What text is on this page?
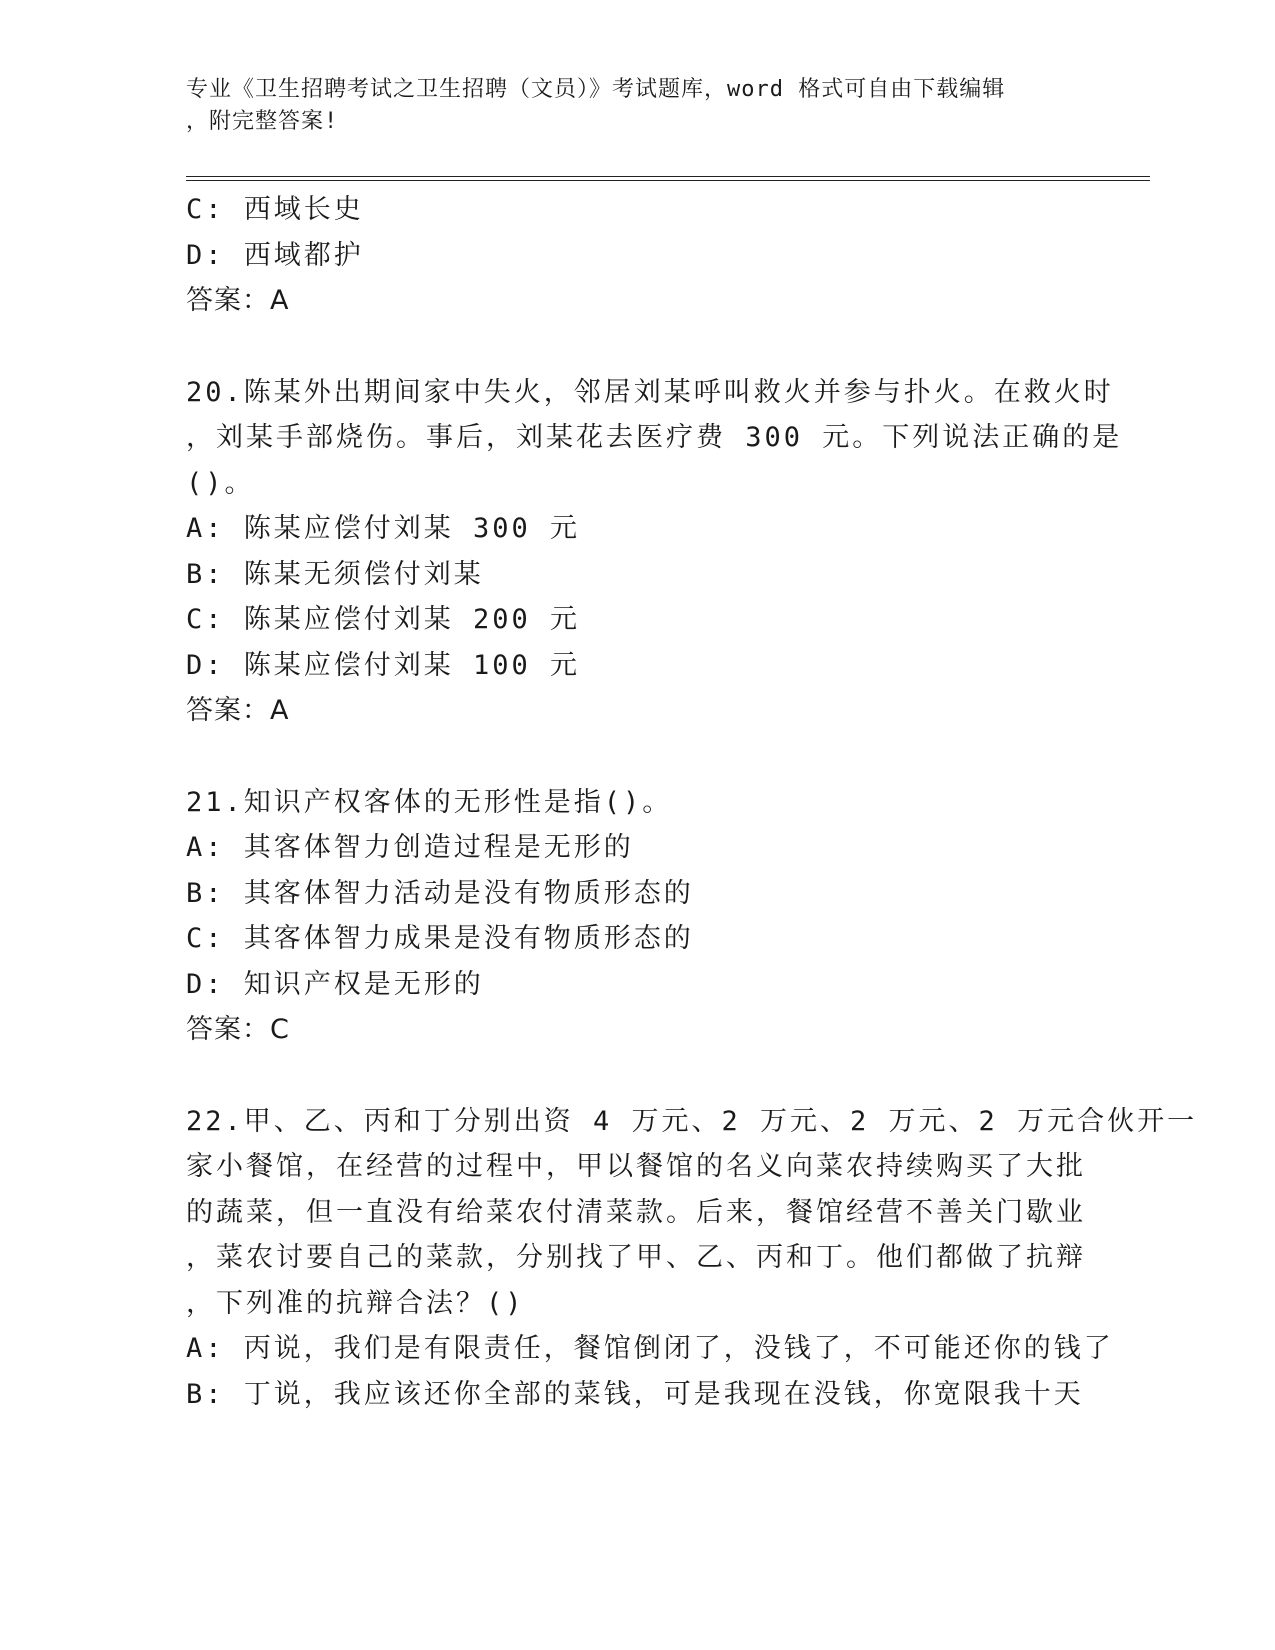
专业《卫生招聘考试之卫生招聘（文员）》考试题库，word 格式可自由下载编辑
，附完整答案!
C: 西域长史
D: 西域都护
答案：A
20.陈某外出期间家中失火，邻居刘某呼叫救火并参与扑火。在救火时
，刘某手部烧伤。事后，刘某花去医疗费 300 元。下列说法正确的是
()。
A: 陈某应偿付刘某 300 元
B: 陈某无须偿付刘某
C: 陈某应偿付刘某 200 元
D: 陈某应偿付刘某 100 元
答案：A
21.知识产权客体的无形性是指()。
A: 其客体智力创造过程是无形的
B: 其客体智力活动是没有物质形态的
C: 其客体智力成果是没有物质形态的
D: 知识产权是无形的
答案：C
22.甲、乙、丙和丁分别出资 4 万元、2 万元、2 万元、2 万元合伙开一
家小餐馆，在经营的过程中，甲以餐馆的名义向菜农持续购买了大批
的蔬菜，但一直没有给菜农付清菜款。后来，餐馆经营不善关门歇业
，菜农讨要自己的菜款，分别找了甲、乙、丙和丁。他们都做了抗辩
，下列准的抗辩合法？()
A: 丙说，我们是有限责任，餐馆倒闭了，没钱了，不可能还你的钱了
B: 丁说，我应该还你全部的菜钱，可是我现在没钱，你宽限我十天
